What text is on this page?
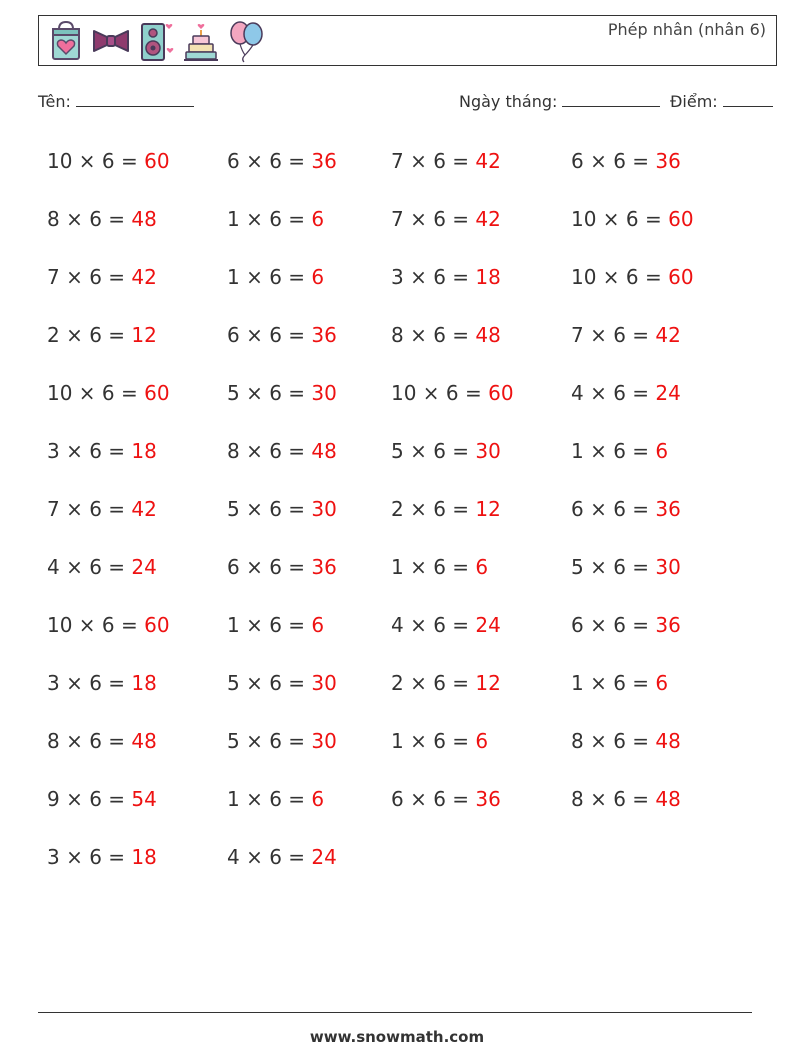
Phép nhân (nhân 6)
Tên:	Ngày tháng:	Điểm:
10 × 6 = 60
8 × 6 = 48
7 × 6 = 42
2 × 6 = 12
10 × 6 = 60
3 × 6 = 18
7 × 6 = 42
4 × 6 = 24
10 × 6 = 60
3 × 6 = 18
8 × 6 = 48
9 × 6 = 54
3 × 6 = 18
6 × 6 = 36
1 × 6 = 6
1 × 6 = 6
6 × 6 = 36
5 × 6 = 30
8 × 6 = 48
5 × 6 = 30
6 × 6 = 36
1 × 6 = 6
5 × 6 = 30
5 × 6 = 30
1 × 6 = 6
4 × 6 = 24
7 × 6 = 42
7 × 6 = 42
3 × 6 = 18
8 × 6 = 48
10 × 6 = 60
5 × 6 = 30
2 × 6 = 12
1 × 6 = 6
4 × 6 = 24
2 × 6 = 12
1 × 6 = 6
6 × 6 = 36
6 × 6 = 36
10 × 6 = 60
10 × 6 = 60
7 × 6 = 42
4 × 6 = 24
1 × 6 = 6
6 × 6 = 36
5 × 6 = 30
6 × 6 = 36
1 × 6 = 6
8 × 6 = 48
8 × 6 = 48
www.snowmath.com
